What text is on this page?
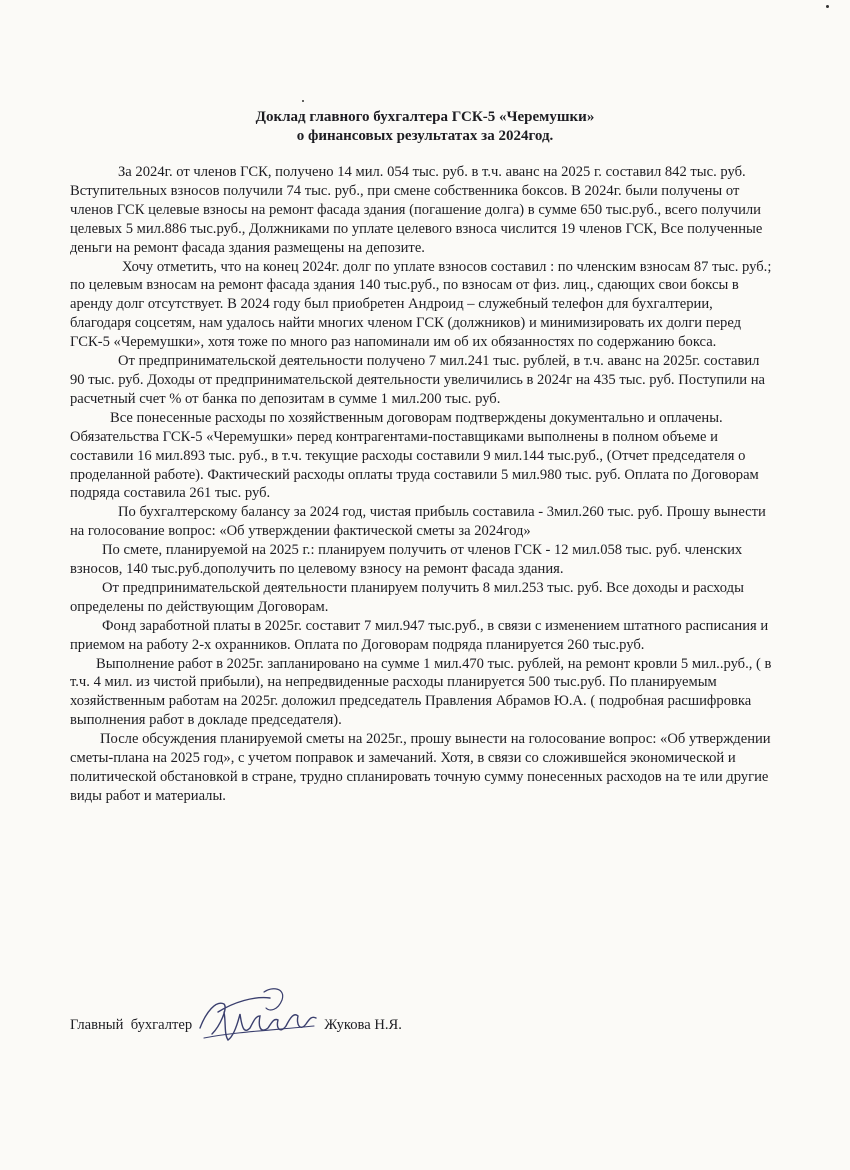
Доклад главного бухгалтера ГСК-5 «Черемушки»
о финансовых результатах за 2024год.

За 2024г. от членов ГСК, получено 14 мил. 054 тыс. руб. в т.ч. аванс на 2025 г. составил 842 тыс. руб. Вступительных взносов получили 74 тыс. руб., при смене собственника боксов. В 2024г. были получены от членов ГСК целевые взносы на ремонт фасада здания (погашение долга) в сумме 650 тыс.руб., всего получили целевых 5 мил.886 тыс.руб., Должниками по уплате целевого взноса числится 19 членов ГСК, Все полученные деньги на ремонт фасада здания размещены на депозите.

Хочу отметить, что на конец 2024г. долг по уплате взносов составил : по членским взносам 87 тыс. руб.; по целевым взносам на ремонт фасада здания 140 тыс.руб., по взносам от физ. лиц., сдающих свои боксы в аренду долг отсутствует. В 2024 году был приобретен Андроид – служебный телефон для бухгалтерии, благодаря соцсетям, нам удалось найти многих членом ГСК (должников) и минимизировать их долги перед ГСК-5 «Черемушки», хотя тоже по много раз напоминали им об их обязанностях по содержанию бокса.

От предпринимательской деятельности получено 7 мил.241 тыс. рублей, в т.ч. аванс на 2025г. составил 90 тыс. руб. Доходы от предпринимательской деятельности увеличились в 2024г на 435 тыс. руб. Поступили на расчетный счет % от банка по депозитам в сумме 1 мил.200 тыс. руб.

Все понесенные расходы по хозяйственным договорам подтверждены документально и оплачены. Обязательства ГСК-5 «Черемушки» перед контрагентами-поставщиками выполнены в полном объеме и составили 16 мил.893 тыс. руб., в т.ч. текущие расходы составили 9 мил.144 тыс.руб., (Отчет председателя о проделанной работе). Фактический расходы оплаты труда составили 5 мил.980 тыс. руб. Оплата по Договорам подряда составила 261 тыс. руб.

По бухгалтерскому балансу за 2024 год, чистая прибыль составила - 3мил.260 тыс. руб. Прошу вынести на голосование вопрос: «Об утверждении фактической сметы за 2024год»

По смете, планируемой на 2025 г.: планируем получить от членов ГСК - 12 мил.058 тыс. руб. членских взносов, 140 тыс.руб.дополучить по целевому взносу на ремонт фасада здания.

От предпринимательской деятельности планируем получить 8 мил.253 тыс. руб. Все доходы и расходы определены по действующим Договорам.

Фонд заработной платы в 2025г. составит 7 мил.947 тыс.руб., в связи с изменением штатного расписания и приемом на работу 2-х охранников. Оплата по Договорам подряда планируется 260 тыс.руб.

Выполнение работ в 2025г. запланировано на сумме 1 мил.470 тыс. рублей, на ремонт кровли 5 мил..руб., ( в т.ч. 4 мил. из чистой прибыли), на непредвиденные расходы планируется 500 тыс.руб. По планируемым хозяйственным работам на 2025г. доложил председатель Правления Абрамов Ю.А. ( подробная расшифровка выполнения работ в докладе председателя).

После обсуждения планируемой сметы на 2025г., прошу вынести на голосование вопрос: «Об утверждении сметы-плана на 2025 год», с учетом поправок и замечаний. Хотя, в связи со сложившейся экономической и политической обстановкой в стране, трудно спланировать точную сумму понесенных расходов на те или другие виды работ и материалы.

Главный  бухгалтер	Жукова Н.Я.
